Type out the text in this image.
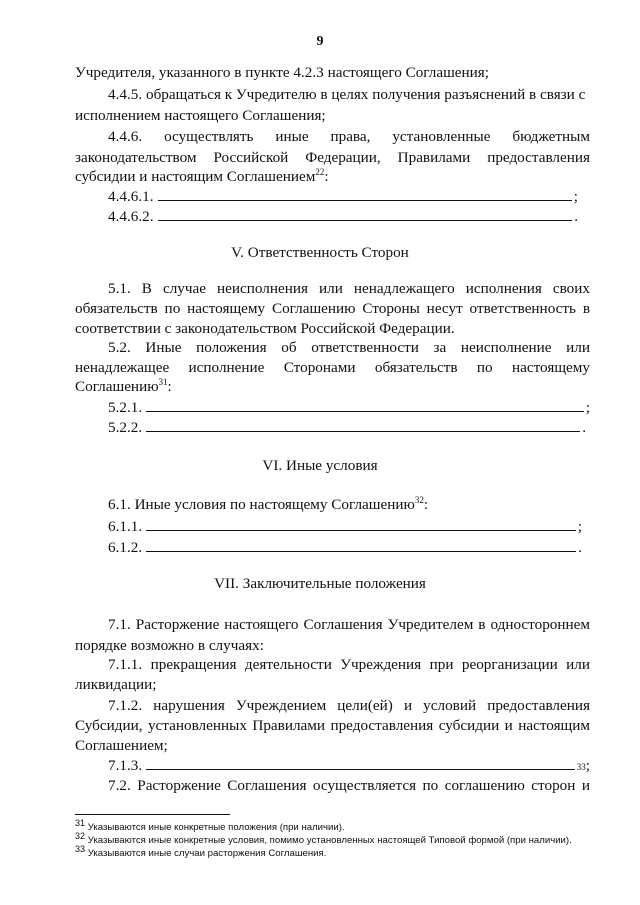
9
Учредителя, указанного в пункте 4.2.3 настоящего Соглашения;
4.4.5. обращаться к Учредителю в целях получения разъяснений в связи с
исполнением настоящего Соглашения;
4.4.6. осуществлять иные права, установленные бюджетным
законодательством Российской Федерации, Правилами предоставления
субсидии и настоящим Соглашением$^{22}$:
4.4.6.1.	;
4.4.6.2.	.
V. Ответственность Сторон
5.1. В случае неисполнения или ненадлежащего исполнения своих
обязательств по настоящему Соглашению Стороны несут ответственность в
соответствии с законодательством Российской Федерации.
5.2. Иные положения об ответственности за неисполнение или
ненадлежащее исполнение Сторонами обязательств по настоящему
Соглашению$^{31}$:
5.2.1.	;
5.2.2.	.
VI. Иные условия
6.1. Иные условия по настоящему Соглашению$^{32}$:
6.1.1.	;
6.1.2.	.
VII. Заключительные положения
7.1. Расторжение настоящего Соглашения Учредителем в одностороннем
порядке возможно в случаях:
7.1.1. прекращения деятельности Учреждения при реорганизации или
ликвидации;
7.1.2. нарушения Учреждением цели(ей) и условий предоставления
Субсидии, установленных Правилами предоставления субсидии и настоящим
Соглашением;
7.1.3.	33 ;
7.2. Расторжение Соглашения осуществляется по соглашению сторон и
$^{31}$ Указываются иные конкретные положения (при наличии).
$^{32}$ Указываются иные конкретные условия, помимо установленных настоящей Типовой формой (при наличии).
$^{33}$ Указываются иные случаи расторжения Соглашения.
